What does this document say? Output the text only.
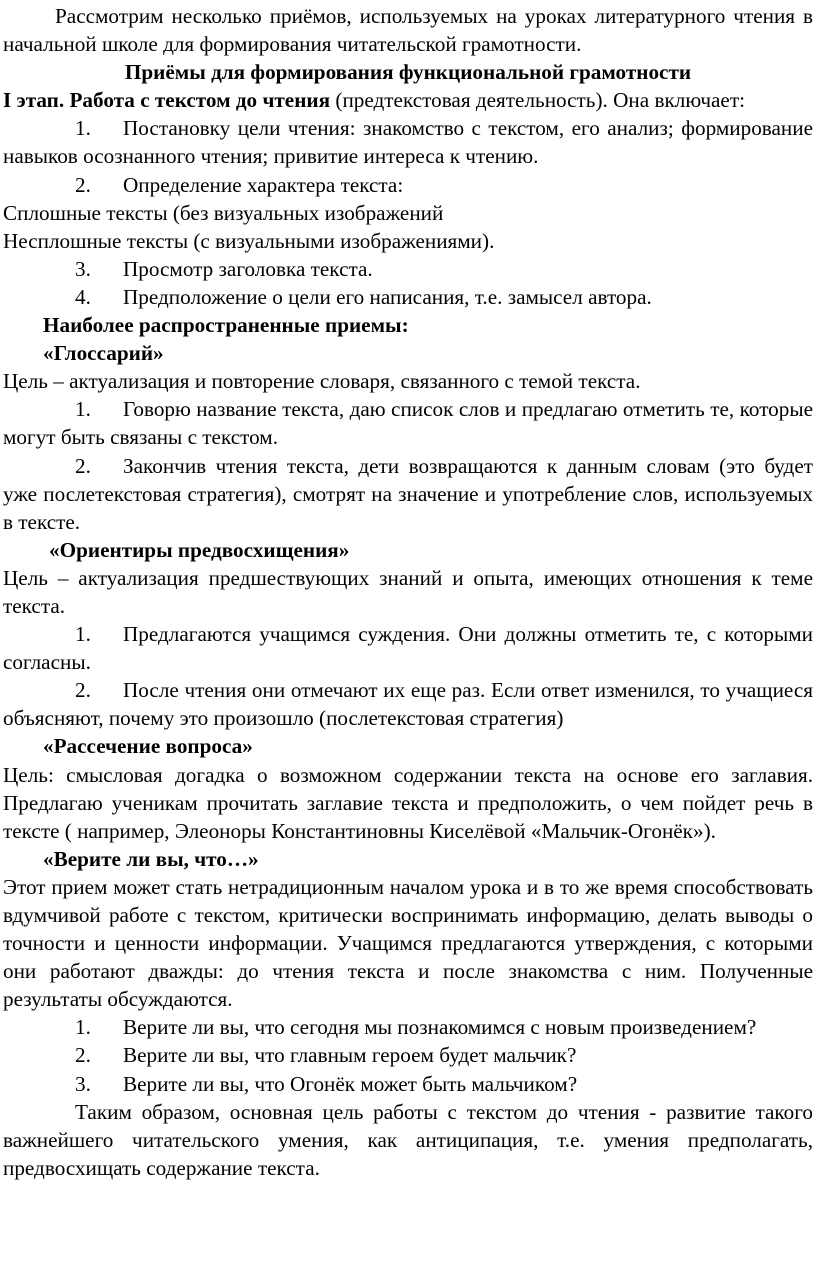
Рассмотрим несколько приёмов, используемых на уроках литературного чтения в начальной школе для формирования читательской грамотности.

Приёмы для формирования функциональной грамотности

I этап. Работа с текстом до чтения (предтекстовая деятельность). Она включает:

1. Постановку цели чтения: знакомство с текстом, его анализ; формирование навыков осознанного чтения; привитие интереса к чтению.

2. Определение характера текста:

Сплошные тексты (без визуальных изображений

Несплошные тексты (с визуальными изображениями).

3. Просмотр заголовка текста.

4. Предположение о цели его написания, т.е. замысел автора.

Наиболее распространенные приемы:

«Глоссарий»

Цель – актуализация и повторение словаря, связанного с темой текста.

1. Говорю название текста, даю список слов и предлагаю отметить те, которые могут быть связаны с текстом.

2. Закончив чтения текста, дети возвращаются к данным словам (это будет уже послетекстовая стратегия), смотрят на значение и употребление слов, используемых в тексте.

«Ориентиры предвосхищения»

Цель – актуализация предшествующих знаний и опыта, имеющих отношения к теме текста.

1. Предлагаются учащимся суждения. Они должны отметить те, с которыми согласны.

2. После чтения они отмечают их еще раз. Если ответ изменился, то учащиеся объясняют, почему это произошло (послетекстовая стратегия)

«Рассечение вопроса»

Цель: смысловая догадка о возможном содержании текста на основе его заглавия. Предлагаю ученикам прочитать заглавие текста и предположить, о чем пойдет речь в тексте ( например, Элеоноры Константиновны Киселёвой «Мальчик-Огонёк»).

«Верите ли вы, что…»

Этот прием может стать нетрадиционным началом урока и в то же время способствовать вдумчивой работе с текстом, критически воспринимать информацию, делать выводы о точности и ценности информации. Учащимся предлагаются утверждения, с которыми они работают дважды: до чтения текста и после знакомства с ним. Полученные результаты обсуждаются.

1. Верите ли вы, что сегодня мы познакомимся с новым произведением?

2. Верите ли вы, что главным героем будет мальчик?

3. Верите ли вы, что Огонёк может быть мальчиком?

Таким образом, основная цель работы с текстом до чтения - развитие такого важнейшего читательского умения, как антиципация, т.е. умения предполагать, предвосхищать содержание текста.
